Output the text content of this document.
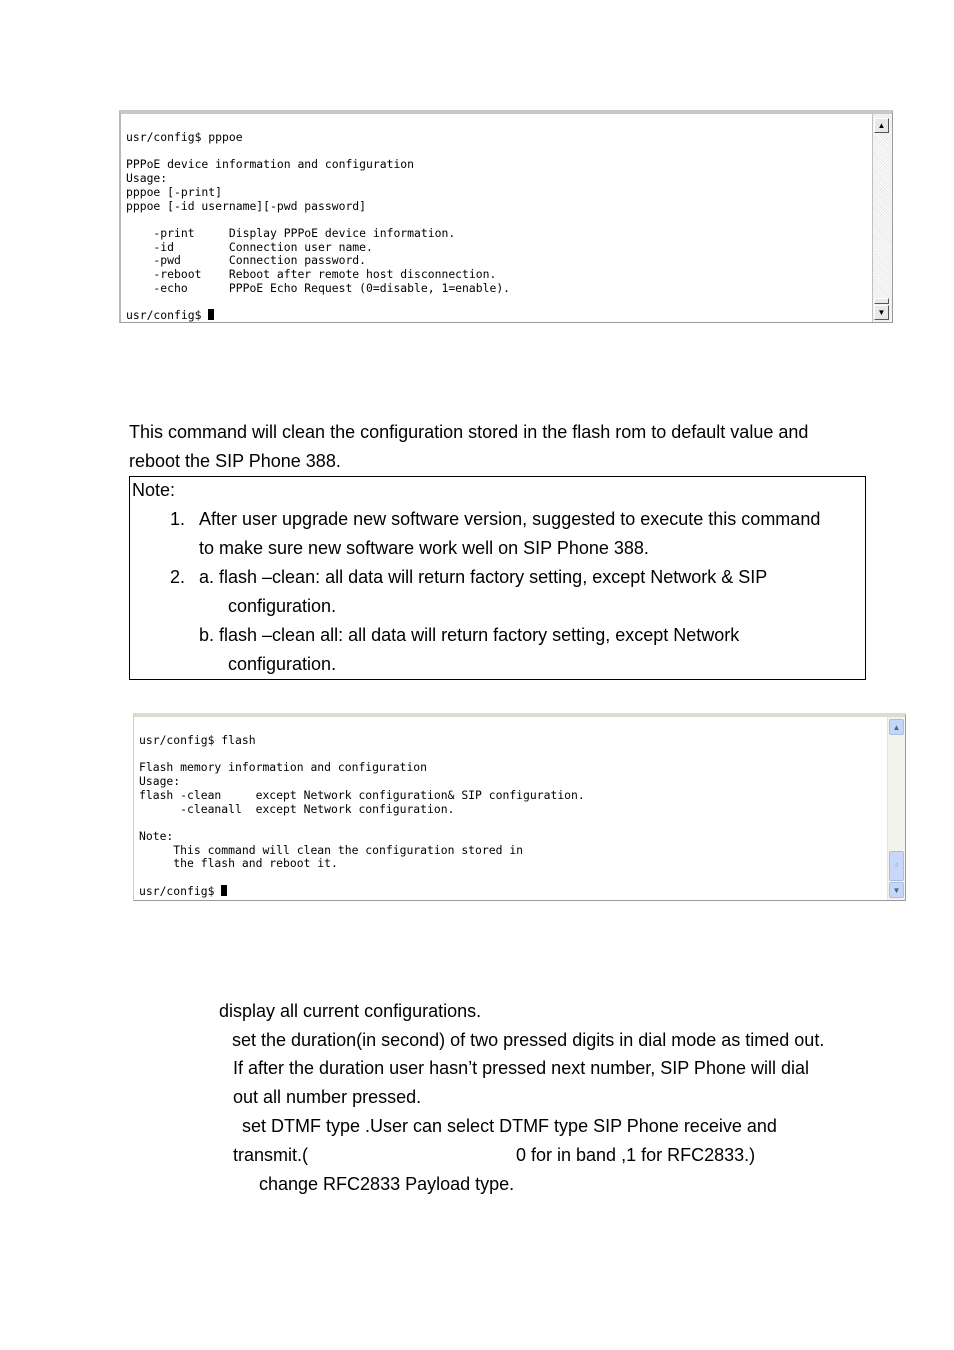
usr/config$ pppoe

PPPoE device information and configuration
Usage:
pppoe [-print]
pppoe [-id username][-pwd password]

-print     Display PPPoE device information.
-id        Connection user name.
-pwd       Connection password.
-reboot    Reboot after remote host disconnection.
-echo      PPPoE Echo Request (0=disable, 1=enable).

usr/config$
▲
▼
This command will clean the configuration stored in the flash rom to default value and
reboot the SIP Phone 388.
Note:
1. After user upgrade new software version, suggested to execute this command
to make sure new software work well on SIP Phone 388.
2. a. flash –clean: all data will return factory setting, except Network & SIP
configuration.
b. flash –clean all: all data will return factory setting, except Network
configuration.
usr/config$ flash

Flash memory information and configuration
Usage:
flash -clean     except Network configuration& SIP configuration.
-cleanall  except Network configuration.

Note:
This command will clean the configuration stored in
the flash and reboot it.

usr/config$
▲
≡
▼
display all current configurations.
set the duration(in second) of two pressed digits in dial mode as timed out.
If after the duration user hasn’t pressed next number, SIP Phone will dial
out all number pressed.
set DTMF type .User can select DTMF type SIP Phone receive and
transmit.(	0 for in band ,1 for RFC2833.)
change RFC2833 Payload type.
